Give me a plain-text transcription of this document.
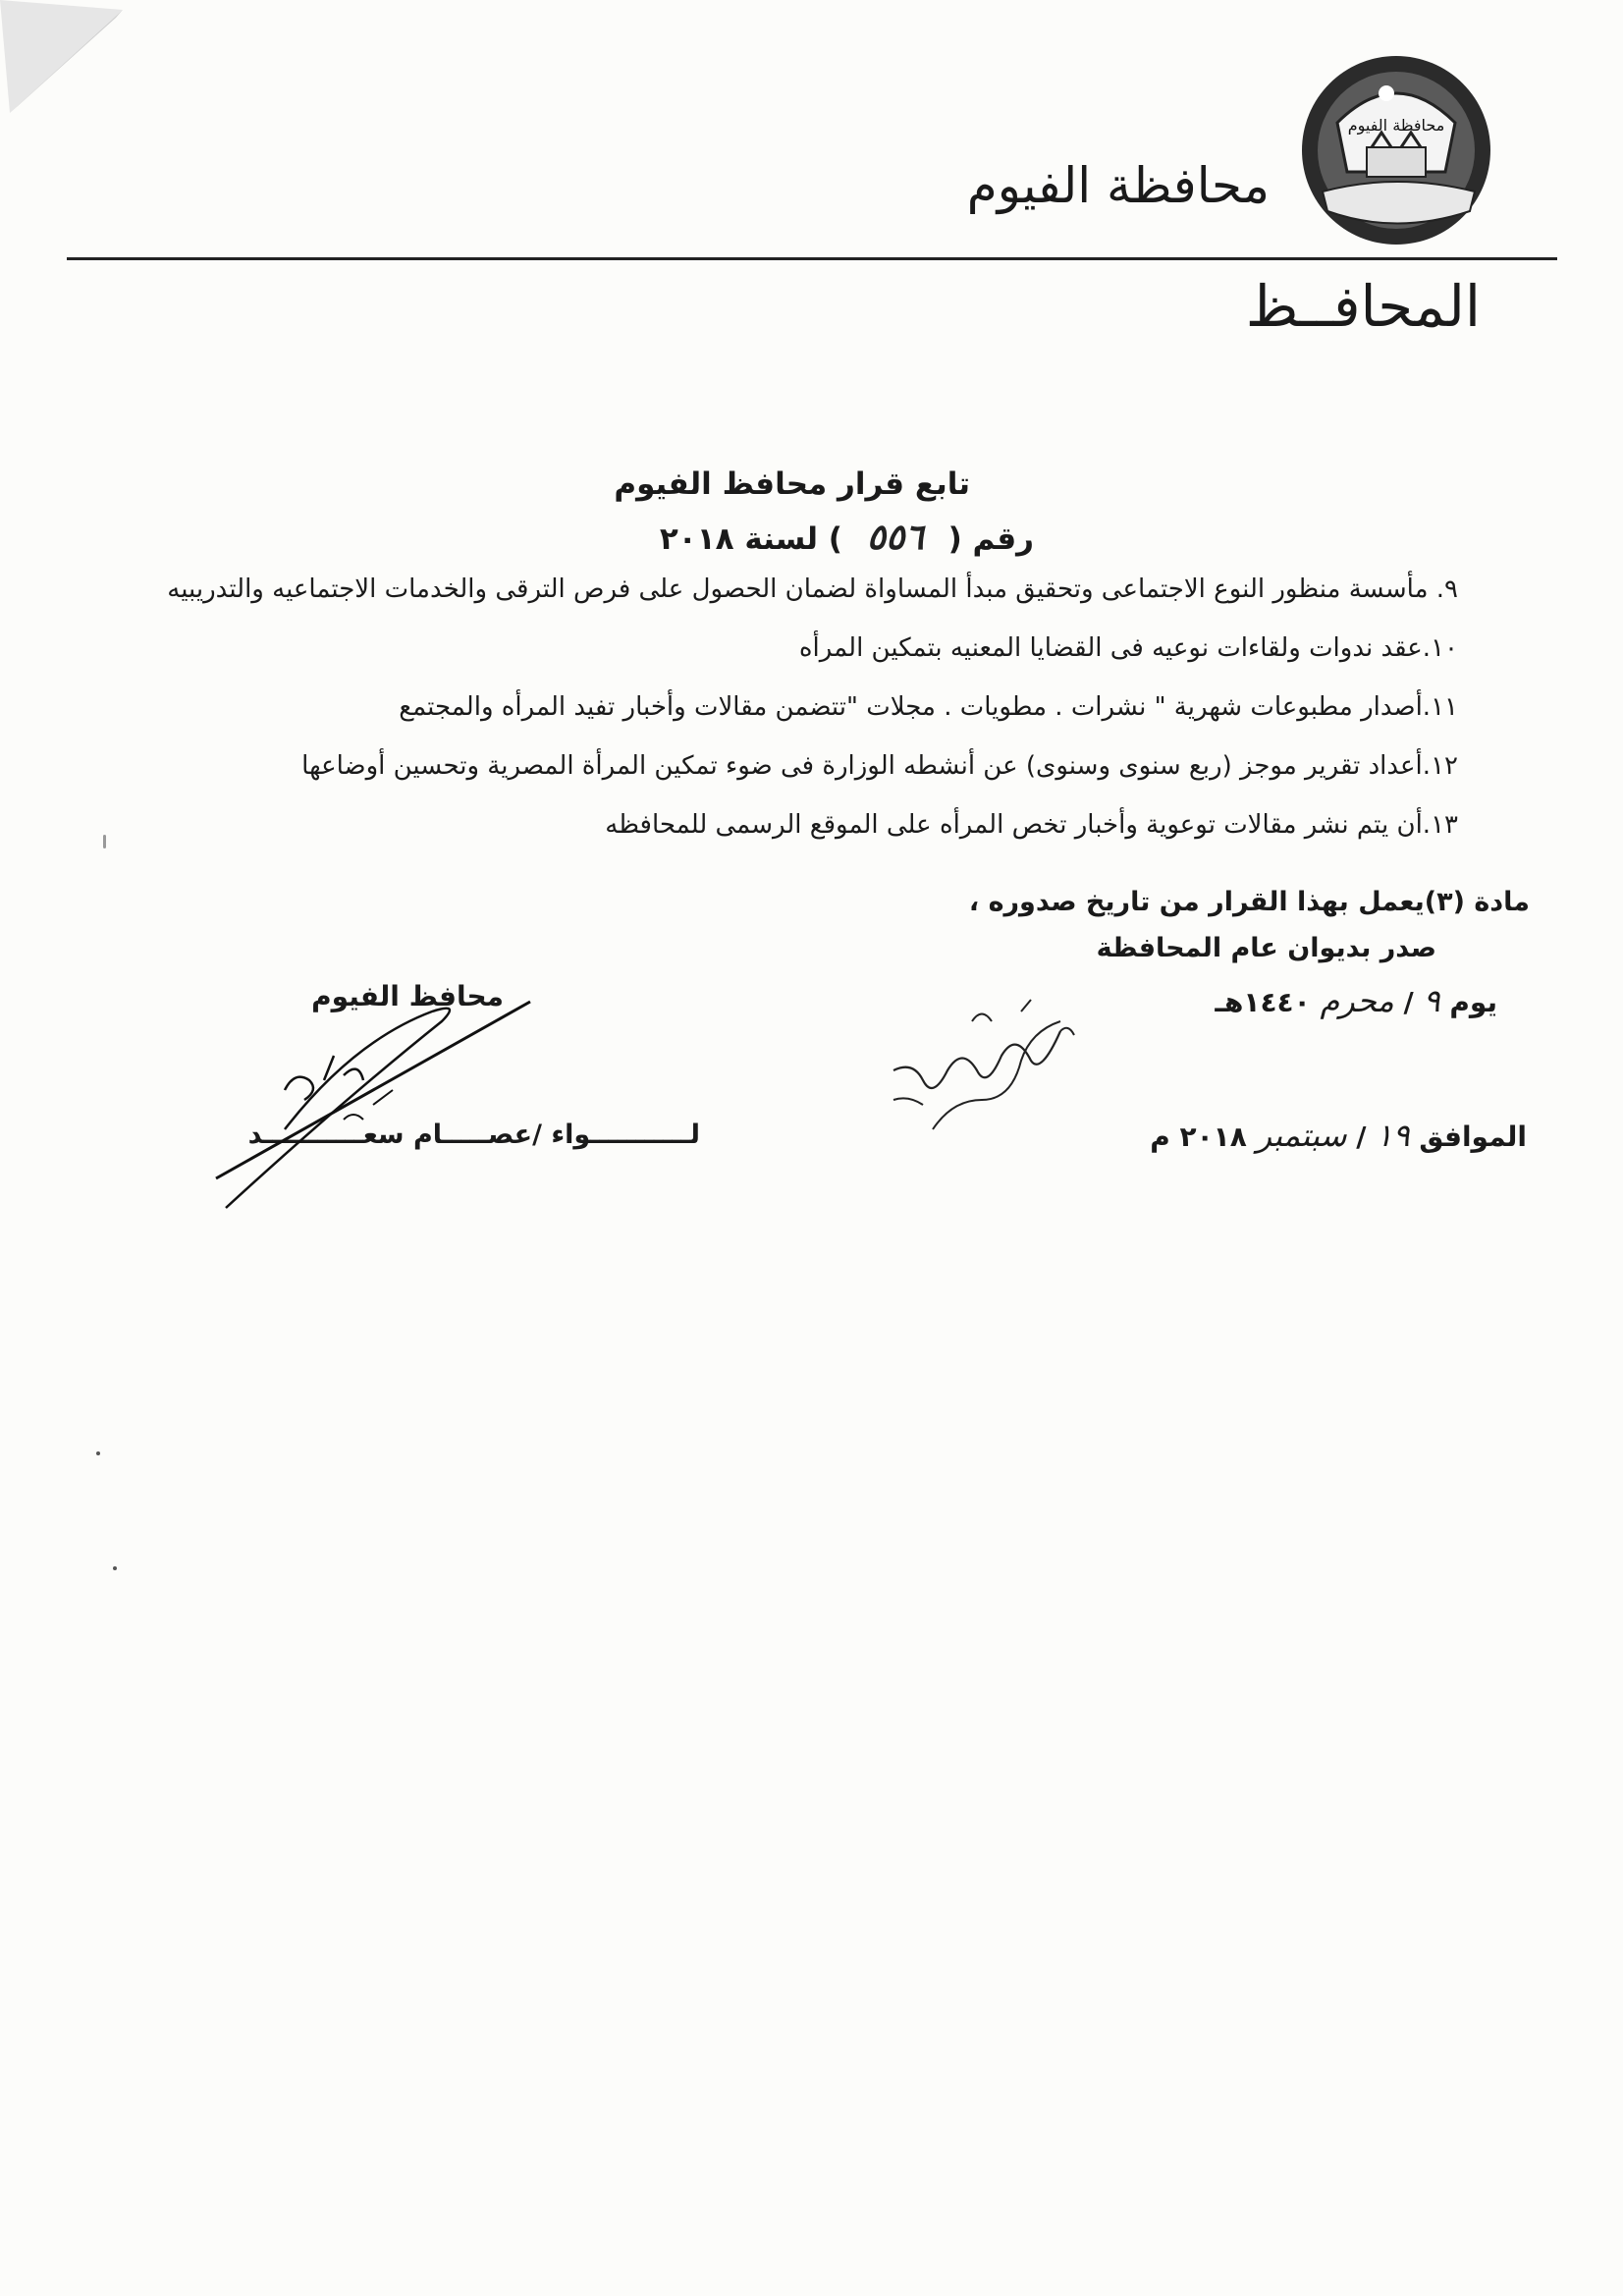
محافظة الفيوم
محافظة الفيوم
المحافــظ
تابع قرار محافظ الفيوم
رقم ( ٥٥٦ ) لسنة ٢٠١٨
٩. مأسسة منظور النوع الاجتماعى وتحقيق مبدأ المساواة لضمان الحصول على فرص الترقى والخدمات الاجتماعيه والتدريبيه
١٠.عقد ندوات ولقاءات نوعيه فى القضايا المعنيه بتمكين المرأه
١١.أصدار مطبوعات شهرية " نشرات . مطويات . مجلات "تتضمن مقالات وأخبار تفيد المرأه والمجتمع
١٢.أعداد تقرير موجز (ربع سنوى وسنوى) عن أنشطه الوزارة فى ضوء تمكين المرأة المصرية وتحسين أوضاعها
١٣.أن يتم نشر مقالات توعوية وأخبار تخص المرأه على الموقع الرسمى للمحافظه
مادة (٣)يعمل بهذا القرار من تاريخ صدوره ،
صدر بديوان عام المحافظة
يوم ٩ / محرم ١٤٤٠هـ
الموافق ١٩ / سبتمبر ٢٠١٨ م
محافظ الفيوم
لـــــــــــواء /عصـــــام سعـــــــــــد
